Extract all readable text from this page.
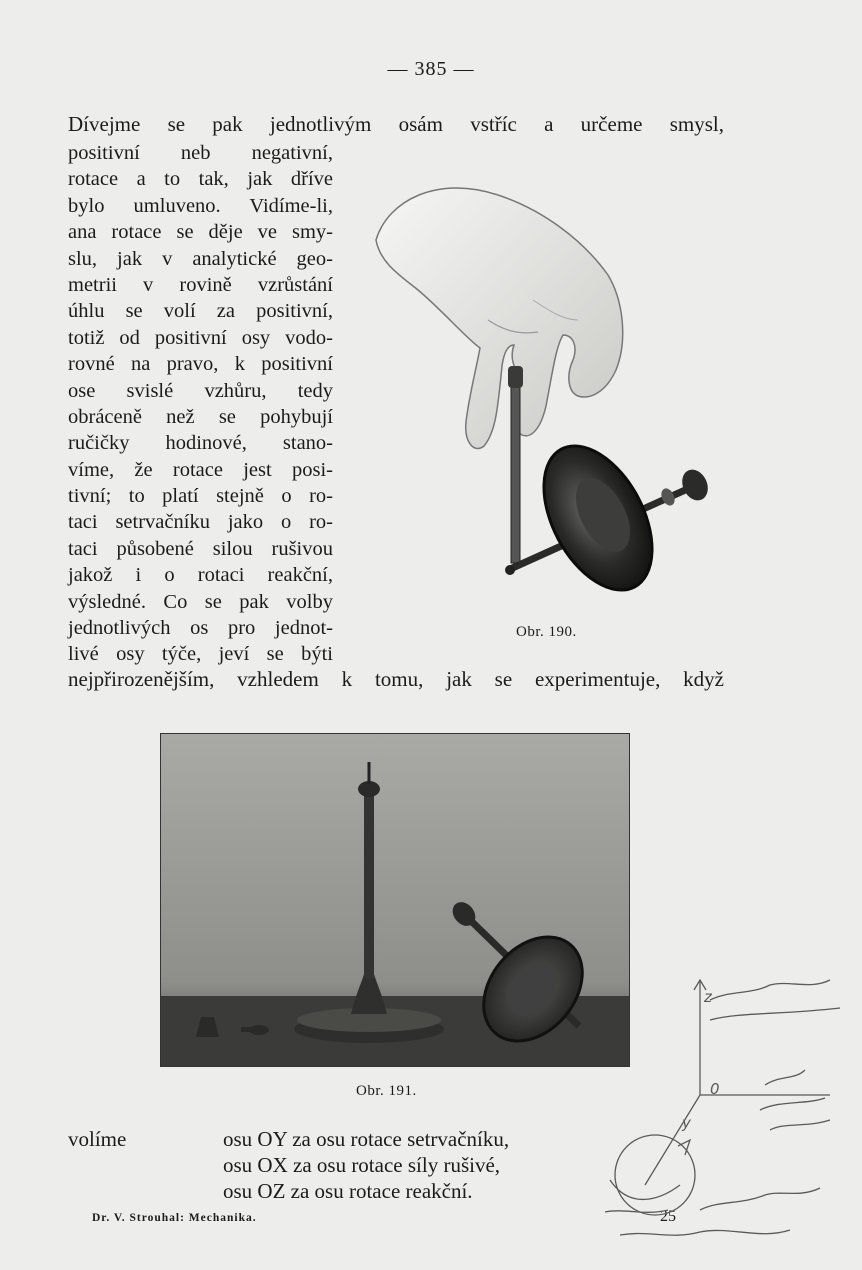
— 385 —
Dívejme se pak jednotlivým osám vstříc a určeme smysl,
positivní neb negativní,
rotace a to tak, jak dříve
bylo umluveno. Vidíme-li,
ana rotace se děje ve smy-
slu, jak v analytické geo-
metrii v rovině vzrůstání
úhlu se volí za positivní,
totiž od positivní osy vodo-
rovné na pravo, k positivní
ose svislé vzhůru, tedy
obráceně než se pohybují
ručičky hodinové, stano-
víme, že rotace jest posi-
tivní; to platí stejně o ro-
taci setrvačníku jako o ro-
taci působené silou rušivou
jakož i o rotaci reakční,
výsledné. Co se pak volby
jednotlivých os pro jednot-
livé osy týče, jeví se býti
Obr. 190.
nejpřirozenějším, vzhledem k tomu, jak se experimentuje, když
Obr. 191.
volíme	osu OY za osu rotace setrvačníku,
osu OX za osu rotace síly rušivé,
osu OZ za osu rotace reakční.
Dr. V. Strouhal: Mechanika.	25
z
0
y
